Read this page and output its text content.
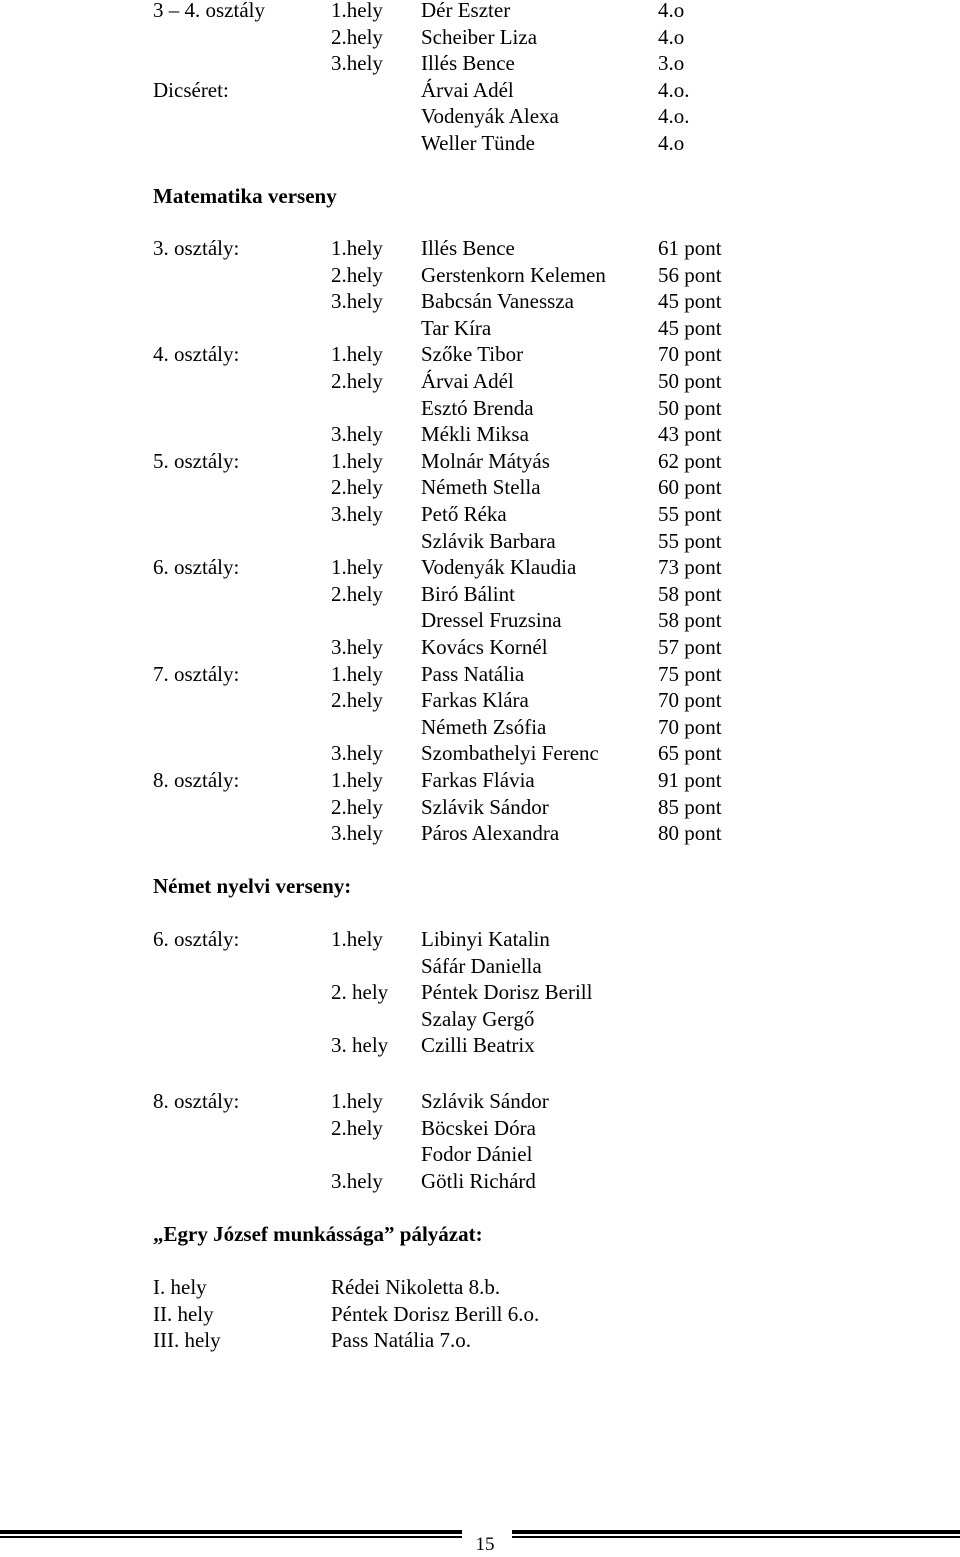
3 – 4. osztály	1.hely Dér Eszter	4.o
2.hely Scheiber Liza	4.o
3.hely Illés Bence	3.o
Dicséret:	Árvai Adél	4.o.
Vodenyák Alexa	4.o.
Weller Tünde	4.o
Matematika verseny
3. osztály:	1.hely Illés Bence	61 pont
2.hely Gerstenkorn Kelemen 56 pont
3.hely Babcsán Vanessza	45 pont
Tar Kíra	45 pont
4. osztály:	1.hely Szőke Tibor	70 pont
2.hely Árvai Adél	50 pont
Esztó Brenda	50 pont
3.hely Mékli Miksa	43 pont
5. osztály:	1.hely Molnár Mátyás	62 pont
2.hely Németh Stella	60 pont
3.hely Pető Réka	55 pont
Szlávik Barbara	55 pont
6. osztály:	1.hely Vodenyák Klaudia	73 pont
2.hely Biró Bálint	58 pont
Dressel Fruzsina	58 pont
3.hely Kovács Kornél	57 pont
7. osztály:	1.hely Pass Natália	75 pont
2.hely Farkas Klára	70 pont
Németh Zsófia	70 pont
3.hely Szombathelyi Ferenc	65 pont
8. osztály:	1.hely Farkas Flávia	91 pont
2.hely Szlávik Sándor	85 pont
3.hely Páros Alexandra	80 pont
Német nyelvi verseny:
6. osztály:	1.hely Libinyi Katalin
Sáfár Daniella
2. hely Péntek Dorisz Berill
Szalay Gergő
3. hely Czilli Beatrix
8. osztály:	1.hely Szlávik Sándor
2.hely Böcskei Dóra
Fodor Dániel
3.hely Götli Richárd
„Egry József munkássága” pályázat:
I. hely	Rédei Nikoletta 8.b.
II. hely	Péntek Dorisz Berill 6.o.
III. hely	Pass Natália 7.o.
15
